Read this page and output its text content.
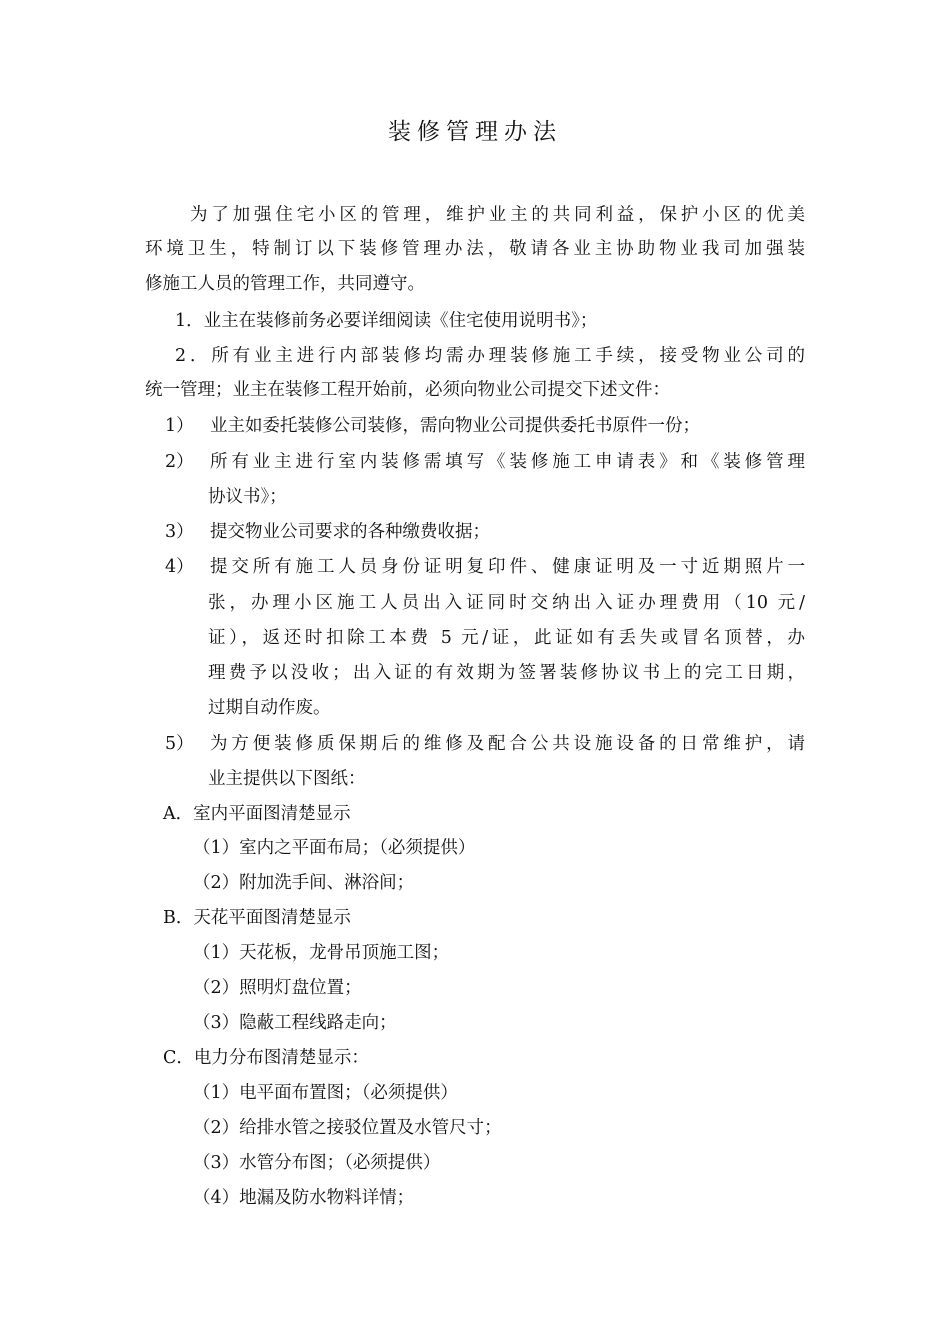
装修管理办法
为了加强住宅小区的管理，维护业主的共同利益，保护小区的优美
环境卫生，特制订以下装修管理办法，敬请各业主协助物业我司加强装
修施工人员的管理工作，共同遵守。
1．业主在装修前务必要详细阅读《住宅使用说明书》；
2．所有业主进行内部装修均需办理装修施工手续，接受物业公司的
统一管理；业主在装修工程开始前，必须向物业公司提交下述文件：
1） 业主如委托装修公司装修，需向物业公司提供委托书原件一份；
2） 所有业主进行室内装修需填写《装修施工申请表》和《装修管理
协议书》；
3） 提交物业公司要求的各种缴费收据；
4） 提交所有施工人员身份证明复印件、健康证明及一寸近期照片一
张，办理小区施工人员出入证同时交纳出入证办理费用（10 元/
证），返还时扣除工本费 5 元/证，此证如有丢失或冒名顶替，办
理费予以没收；出入证的有效期为签署装修协议书上的完工日期，
过期自动作废。
5） 为方便装修质保期后的维修及配合公共设施设备的日常维护，请
业主提供以下图纸：
A．室内平面图清楚显示
（1）室内之平面布局；（必须提供）
（2）附加洗手间、淋浴间；
B．天花平面图清楚显示
（1）天花板，龙骨吊顶施工图；
（2）照明灯盘位置；
（3）隐蔽工程线路走向；
C．电力分布图清楚显示：
（1）电平面布置图；（必须提供）
（2）给排水管之接驳位置及水管尺寸；
（3）水管分布图；（必须提供）
（4）地漏及防水物料详情；
